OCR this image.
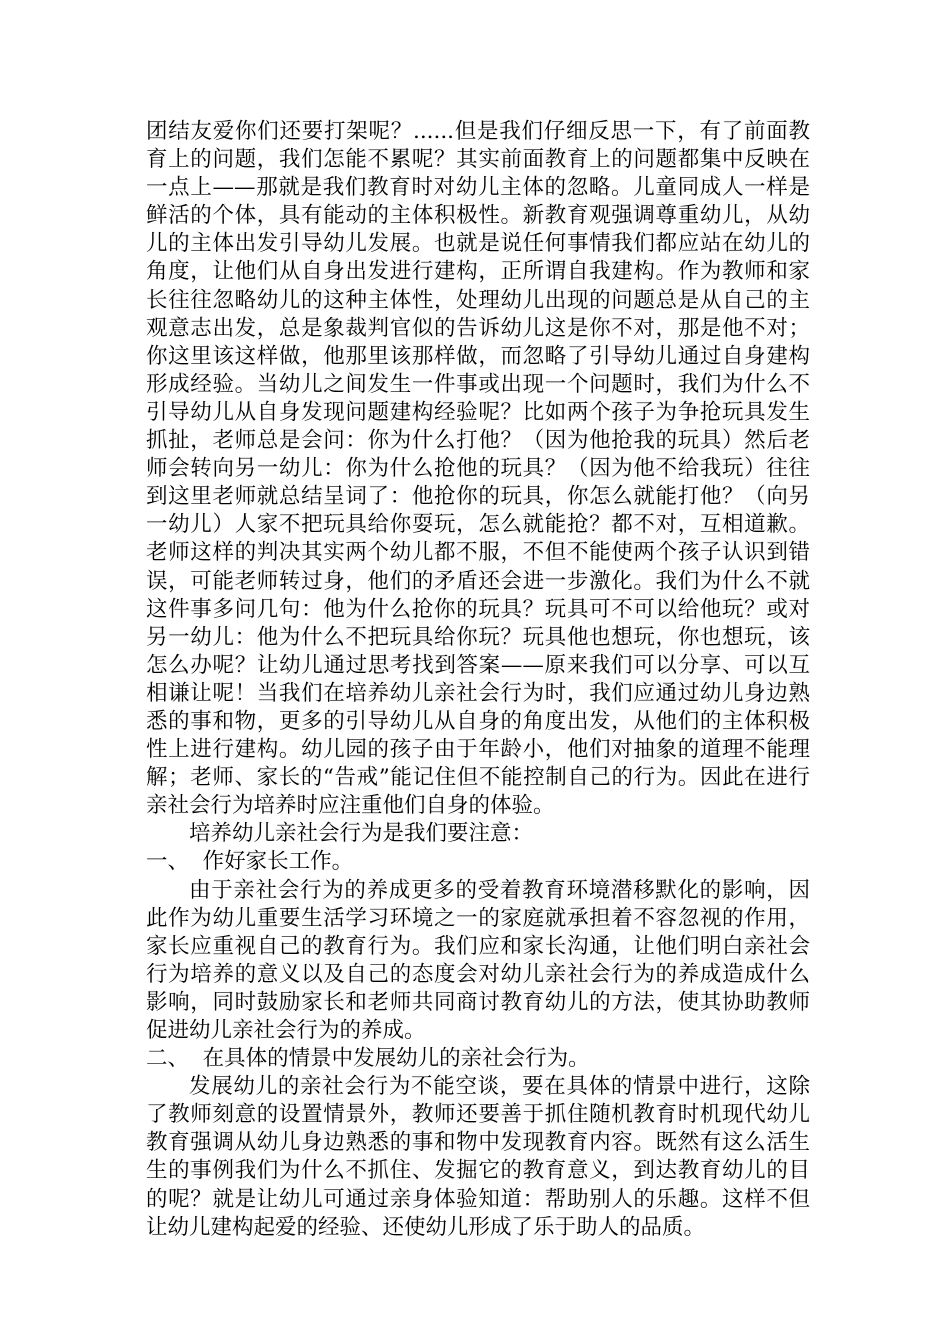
团结友爱你们还要打架呢？......但是我们仔细反思一下，有了前面教育上的问题，我们怎能不累呢？其实前面教育上的问题都集中反映在一点上——那就是我们教育时对幼儿主体的忽略。儿童同成人一样是鲜活的个体，具有能动的主体积极性。新教育观强调尊重幼儿，从幼儿的主体出发引导幼儿发展。也就是说任何事情我们都应站在幼儿的角度，让他们从自身出发进行建构，正所谓自我建构。作为教师和家长往往忽略幼儿的这种主体性，处理幼儿出现的问题总是从自己的主观意志出发，总是象裁判官似的告诉幼儿这是你不对，那是他不对；你这里该这样做，他那里该那样做，而忽略了引导幼儿通过自身建构形成经验。当幼儿之间发生一件事或出现一个问题时，我们为什么不引导幼儿从自身发现问题建构经验呢？比如两个孩子为争抢玩具发生抓扯，老师总是会问：你为什么打他？（因为他抢我的玩具）然后老师会转向另一幼儿：你为什么抢他的玩具？（因为他不给我玩）往往到这里老师就总结呈词了：他抢你的玩具，你怎么就能打他？（向另一幼儿）人家不把玩具给你耍玩，怎么就能抢？都不对，互相道歉。老师这样的判决其实两个幼儿都不服，不但不能使两个孩子认识到错误，可能老师转过身，他们的矛盾还会进一步激化。我们为什么不就这件事多问几句：他为什么抢你的玩具？玩具可不可以给他玩？或对另一幼儿：他为什么不把玩具给你玩？玩具他也想玩，你也想玩，该怎么办呢？让幼儿通过思考找到答案——原来我们可以分享、可以互相谦让呢！当我们在培养幼儿亲社会行为时，我们应通过幼儿身边熟悉的事和物，更多的引导幼儿从自身的角度出发，从他们的主体积极性上进行建构。幼儿园的孩子由于年龄小，他们对抽象的道理不能理解；老师、家长的“告戒”能记住但不能控制自己的行为。因此在进行亲社会行为培养时应注重他们自身的体验。

培养幼儿亲社会行为是我们要注意：

一、  作好家长工作。

由于亲社会行为的养成更多的受着教育环境潜移默化的影响，因此作为幼儿重要生活学习环境之一的家庭就承担着不容忽视的作用，家长应重视自己的教育行为。我们应和家长沟通，让他们明白亲社会行为培养的意义以及自己的态度会对幼儿亲社会行为的养成造成什么影响，同时鼓励家长和老师共同商讨教育幼儿的方法，使其协助教师促进幼儿亲社会行为的养成。

二、  在具体的情景中发展幼儿的亲社会行为。

发展幼儿的亲社会行为不能空谈，要在具体的情景中进行，这除了教师刻意的设置情景外，教师还要善于抓住随机教育时机现代幼儿教育强调从幼儿身边熟悉的事和物中发现教育内容。既然有这么活生生的事例我们为什么不抓住、发掘它的教育意义，到达教育幼儿的目的呢？就是让幼儿可通过亲身体验知道：帮助别人的乐趣。这样不但让幼儿建构起爱的经验、还使幼儿形成了乐于助人的品质。
